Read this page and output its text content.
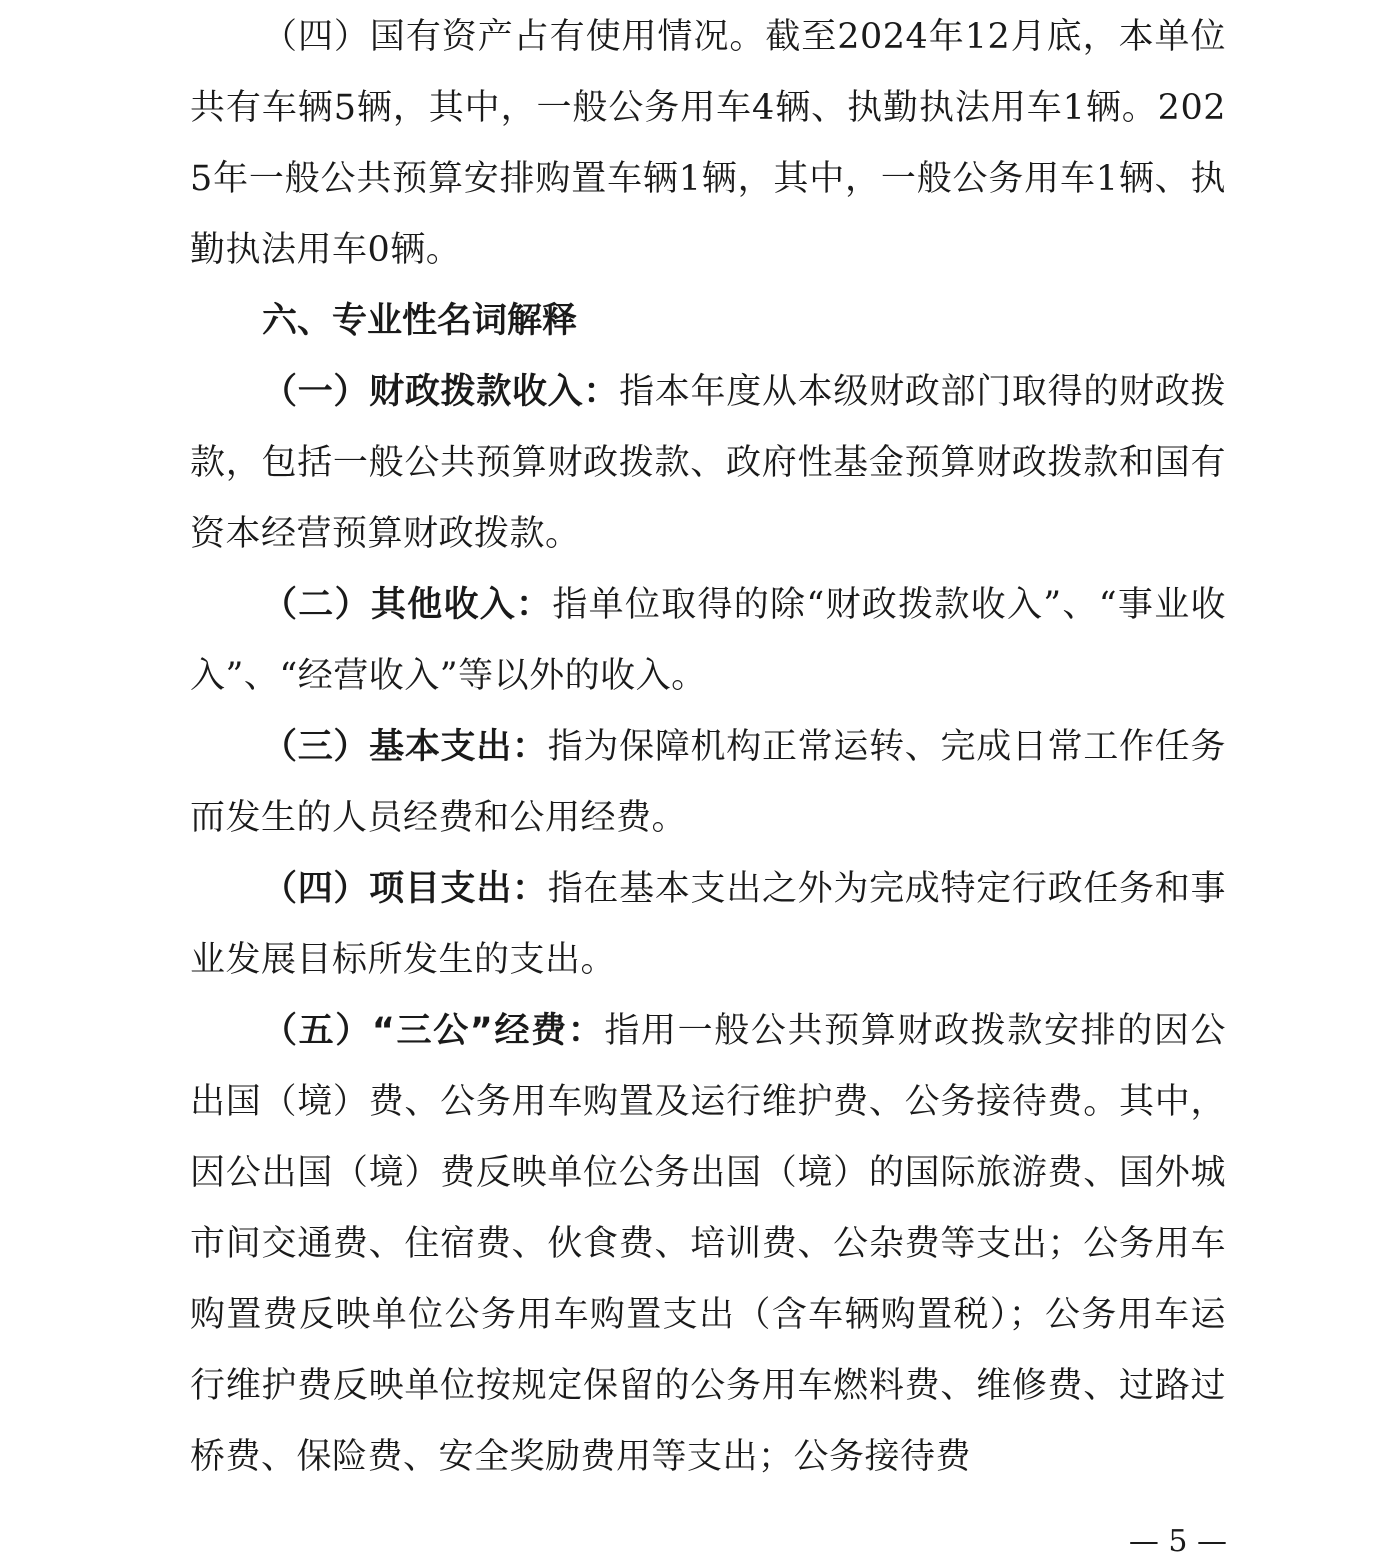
（四）国有资产占有使用情况。截至2024年12月底，本单位共有车辆5辆，其中，一般公务用车4辆、执勤执法用车1辆。2025年一般公共预算安排购置车辆1辆，其中，一般公务用车1辆、执勤执法用车0辆。

六、专业性名词解释

（一）财政拨款收入：指本年度从本级财政部门取得的财政拨款，包括一般公共预算财政拨款、政府性基金预算财政拨款和国有资本经营预算财政拨款。

（二）其他收入：指单位取得的除“财政拨款收入”、“事业收入”、“经营收入”等以外的收入。

（三）基本支出：指为保障机构正常运转、完成日常工作任务而发生的人员经费和公用经费。

（四）项目支出：指在基本支出之外为完成特定行政任务和事业发展目标所发生的支出。

（五）“三公”经费：指用一般公共预算财政拨款安排的因公出国（境）费、公务用车购置及运行维护费、公务接待费。其中，因公出国（境）费反映单位公务出国（境）的国际旅游费、国外城市间交通费、住宿费、伙食费、培训费、公杂费等支出；公务用车购置费反映单位公务用车购置支出（含车辆购置税）；公务用车运行维护费反映单位按规定保留的公务用车燃料费、维修费、过路过桥费、保险费、安全奖励费用等支出；公务接待费

— 5 —
